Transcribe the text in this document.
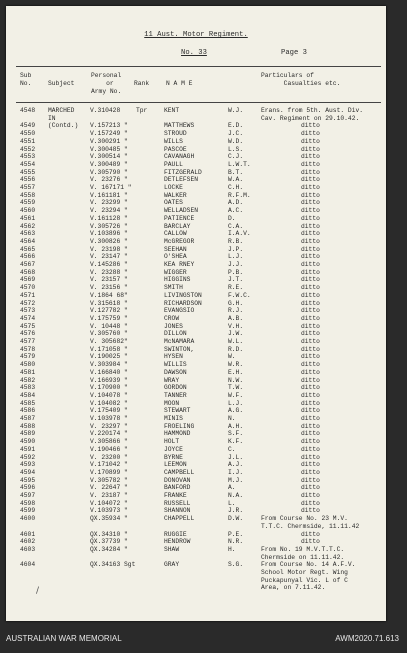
11 Aust. Motor Regiment.
No. 33	Page 3
Sub
No.	Subject
Personal
or
Army No.
Rank	N A M E
Particulars of
Casualties etc.
4548 MARCHED V.310428	Tpr	KENT	W.J.	Erans. from 5th. Aust. Div.
IN	Cav. Regiment on 29.10.42.
4549 (Contd.) V.157213 "	MATTHEWS	E.D.	ditto
4550	V.157249 "	STROUD	J.C.	ditto
4551	V.300291 "	WILLS	W.D.	ditto
4552	V.300485 "	PASCOE	L.S.	ditto
4553	V.300514 "	CAVANAGH	C.J.	ditto
4554	V.300489 "	PAULL	L.W.T.	ditto
4555	V.305790 "	FITZGERALD	B.T.	ditto
4556	V. 23276 "	DETLEFSEN	W.A.	ditto
4557	V. 167171 "	LOCKE	C.H.	ditto
4558	V.161181 "	WALKER	R.F.M.	ditto
4559	V. 23299 "	OATES	A.D.	ditto
4560	V. 23294 "	WELLADSEN	A.C.	ditto
4561	V.161128 "	PATIENCE	D.	ditto
4562	V.305726 "	BARCLAY	C.A.	ditto
4563	V.103896 "	CALLOW	I.A.V.	ditto
4564	V.300826 "	McGREGOR	R.B.	ditto
4565	V. 23198 "	SEEHAN	J.P.	ditto
4566	V. 23147 "	O'SHEA	L.J.	ditto
4567	V.145286 "	KEA RNEY	J.J.	ditto
4568	V. 23288 "	WIGGER	P.B.	ditto
4569	V. 23157 "	HIGGINS	J.T.	ditto
4570	V. 23156 "	SMITH	R.E.	ditto
4571	V.1864 68"	LIVINGSTON	F.W.C.	ditto
4572	V.315618 "	RICHARDSON	G.H.	ditto
4573	V.127782 "	EVANGSIO	R.J.	ditto
4574	V.175759 "	CROW	A.B.	ditto
4575	V. 10448 "	JONES	V.H.	ditto
4576	V.305760 "	DILLON	J.W.	ditto
4577	V. 305682"	McNAMARA	W.L.	ditto
4578	V.171058 "	SWINTON,	R.D.	ditto
4579	V.190025 "	HYSEN	W.	ditto
4580	V.303984 "	WILLIS	W.R.	ditto
4581	V.166840 "	DAWSON	E.H.	ditto
4582	V.166939 "	WRAY	N.W.	ditto
4583	V.170900 "	GORDON	T.W.	ditto
4584	V.104078 "	TANNER	W.F.	ditto
4585	V.104082 "	MOON	L.J.	ditto
4586	V.175409 "	STEWART	A.G.	ditto
4587	V.103978 "	MINIS	N.	ditto
4588	V. 23297 "	FROELING	A.H.	ditto
4589	V.220174 "	HAMMOND	S.F.	ditto
4590	V.305866 "	HOLT	K.F.	ditto
4591	V.190466 "	JOYCE	C.	ditto
4592	V. 23200 "	BYRNE	J.L.	ditto
4593	V.171042 "	LEEMON	A.J.	ditto
4594	V.170899 "	CAMPBELL	I.J.	ditto
4595	V.305782 "	DONOVAN	M.J.	ditto
4596	V. 22647 "	BANFORD	A.	ditto
4597	V. 23187 "	FRANKE	N.A.	ditto
4598	V.104072 "	RUSSELL	L.	ditto
4599	V.103973 "	SHANNON	J.R.	ditto
4600	QX.35934 "	CHAPPELL	D.W.	From Course No. 23 M.V.
T.T.C. Chermside, 11.11.42
4601	QX.34310 "	RUGGIE	P.E.	ditto
4602	QX.37739 "	HENDROW	N.R.	ditto
4603	QX.34284 "	SHAW	H.	From No. 19 M.V.T.T.C.
Chermside on 11.11.42.
4604	QX.34163 Sgt	GRAY	S.G.	From Course No. 14 A.F.V.
School Motor Regt. Wing
Puckapunyal Vic. L of C
Area, on 7.11.42.
/
AUSTRALIAN WAR MEMORIAL	AWM2020.71.613
